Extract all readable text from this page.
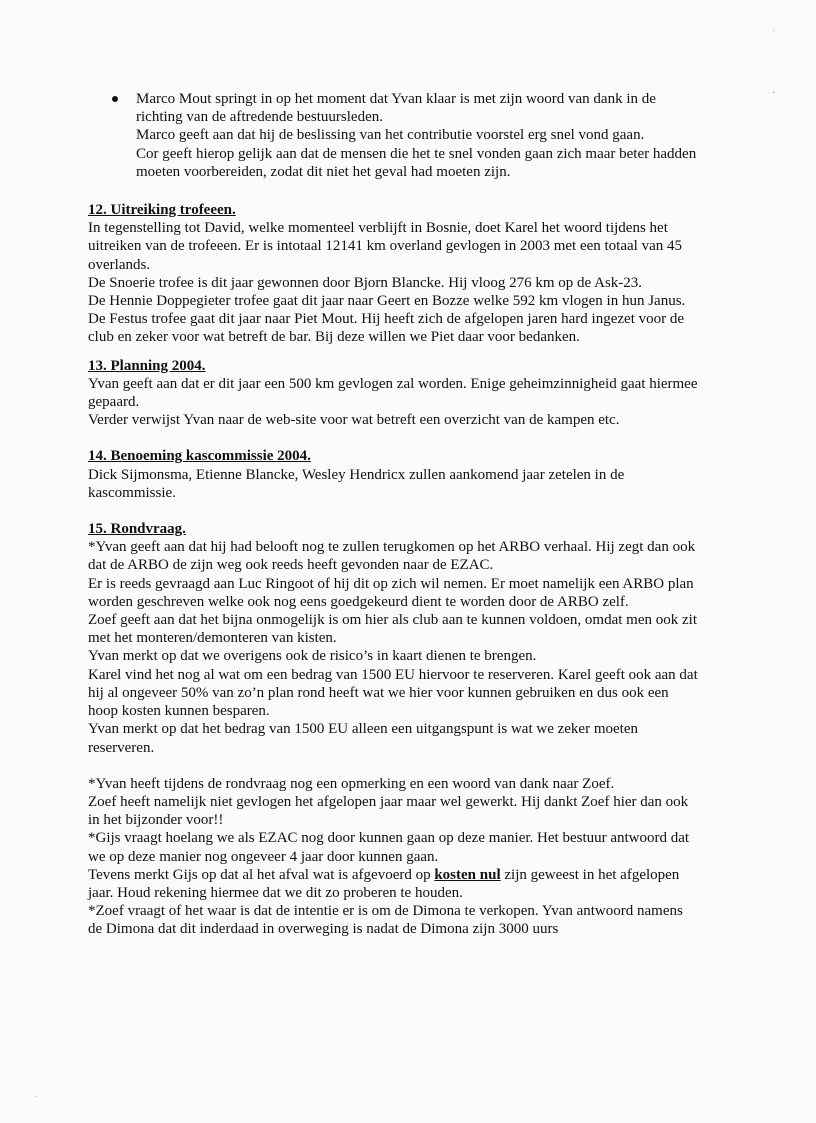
Marco Mout springt in op het moment dat Yvan klaar is met zijn woord van dank in de richting van de aftredende bestuursleden.

Marco geeft aan dat hij de beslissing van het contributie voorstel erg snel vond gaan.

Cor geeft hierop gelijk aan dat de mensen die het te snel vonden gaan zich maar beter hadden moeten voorbereiden, zodat dit niet het geval had moeten zijn.

12. Uitreiking trofeeen.

In tegenstelling tot David, welke momenteel verblijft in Bosnie, doet Karel het woord tijdens het uitreiken van de trofeeen. Er is intotaal 12141 km overland gevlogen in 2003 met een totaal van 45 overlands.

De Snoerie trofee is dit jaar gewonnen door Bjorn Blancke. Hij vloog 276 km op de Ask-23.

De Hennie Doppegieter trofee gaat dit jaar naar Geert en Bozze welke 592 km vlogen in hun Janus.

De Festus trofee gaat dit jaar naar Piet Mout. Hij heeft zich de afgelopen jaren hard ingezet voor de club en zeker voor wat betreft de bar. Bij deze willen we Piet daar voor bedanken.

13. Planning 2004.

Yvan geeft aan dat er dit jaar een 500 km gevlogen zal worden. Enige geheimzinnigheid gaat hiermee gepaard.

Verder verwijst Yvan naar de web-site voor wat betreft een overzicht van de kampen etc.

14. Benoeming kascommissie 2004.

Dick Sijmonsma, Etienne Blancke, Wesley Hendricx zullen aankomend jaar zetelen in de kascommissie.

15. Rondvraag.

*Yvan geeft aan dat hij had belooft nog te zullen terugkomen op het ARBO verhaal. Hij zegt dan ook dat de ARBO de zijn weg ook reeds heeft gevonden naar de EZAC.

Er is reeds gevraagd aan Luc Ringoot of hij dit op zich wil nemen. Er moet namelijk een ARBO plan worden geschreven welke ook nog eens goedgekeurd dient te worden door de ARBO zelf.

Zoef geeft aan dat het bijna onmogelijk is om hier als club aan te kunnen voldoen, omdat men ook zit met het monteren/demonteren van kisten.

Yvan merkt op dat we overigens ook de risico’s in kaart dienen te brengen.

Karel vind het nog al wat om een bedrag van 1500 EU hiervoor te reserveren. Karel geeft ook aan dat hij al ongeveer 50% van zo’n plan rond heeft wat we hier voor kunnen gebruiken en dus ook een hoop kosten kunnen besparen.

Yvan merkt op dat het bedrag van 1500 EU alleen een uitgangspunt is wat we zeker moeten reserveren.

*Yvan heeft tijdens de rondvraag nog een opmerking en een woord van dank naar Zoef.

Zoef heeft namelijk niet gevlogen het afgelopen jaar maar wel gewerkt. Hij dankt Zoef hier dan ook in het bijzonder voor!!

*Gijs vraagt hoelang we als EZAC nog door kunnen gaan op deze manier. Het bestuur antwoord dat we op deze manier nog ongeveer 4 jaar door kunnen gaan.

Tevens merkt Gijs op dat al het afval wat is afgevoerd op kosten nul zijn geweest in het afgelopen jaar. Houd rekening hiermee dat we dit zo proberen te houden.

*Zoef vraagt of het waar is dat de intentie er is om de Dimona te verkopen. Yvan antwoord namens de Dimona dat dit inderdaad in overweging is nadat de Dimona zijn 3000 uurs

·
·
·
